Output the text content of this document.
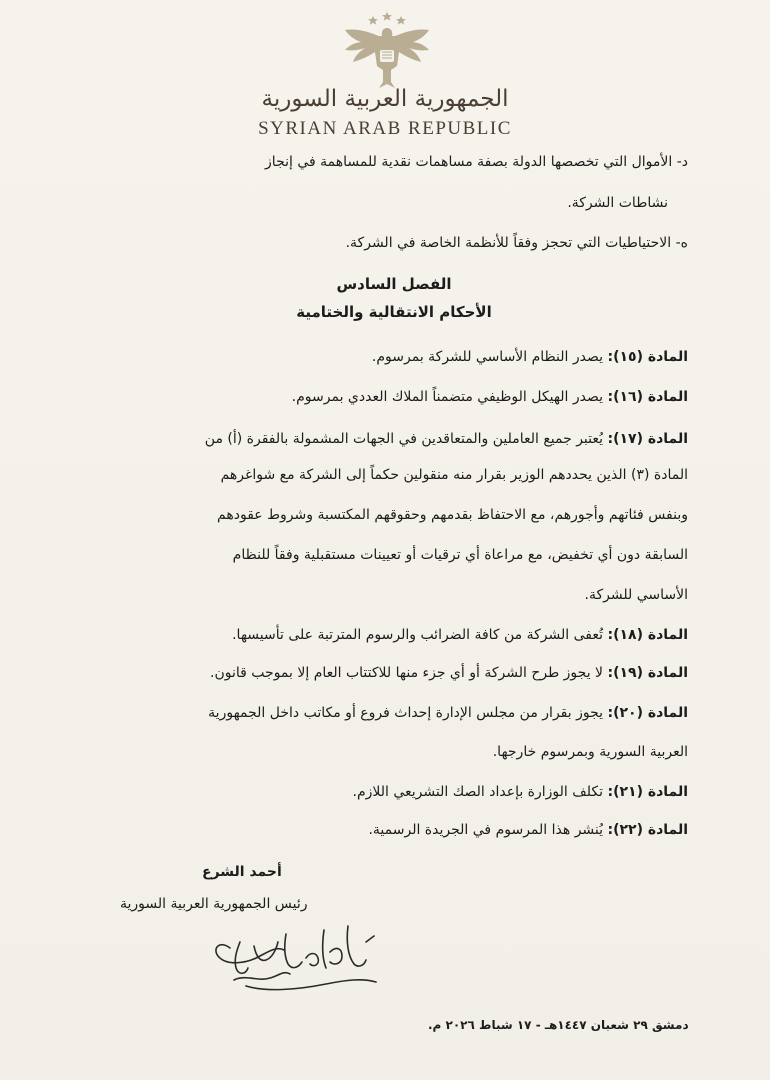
الجمهورية العربية السورية
SYRIAN ARAB REPUBLIC
د- الأموال التي تخصصها الدولة بصفة مساهمات نقدية للمساهمة في إنجاز
نشاطات الشركة.
ه- الاحتياطيات التي تحجز وفقاً للأنظمة الخاصة في الشركة.
الفصل السادس
الأحكام الانتقالية والختامية
المادة (١٥): يصدر النظام الأساسي للشركة بمرسوم.
المادة (١٦): يصدر الهيكل الوظيفي متضمناً الملاك العددي بمرسوم.
المادة (١٧): يُعتبر جميع العاملين والمتعاقدين في الجهات المشمولة بالفقرة (أ) من
المادة (٣) الذين يحددهم الوزير بقرار منه منقولين حكماً إلى الشركة مع شواغرهم
وبنفس فئاتهم وأجورهم، مع الاحتفاظ بقدمهم وحقوقهم المكتسبة وشروط عقودهم
السابقة دون أي تخفيض، مع مراعاة أي ترقيات أو تعيينات مستقبلية وفقاً للنظام
الأساسي للشركة.
المادة (١٨): تُعفى الشركة من كافة الضرائب والرسوم المترتبة على تأسيسها.
المادة (١٩): لا يجوز طرح الشركة أو أي جزء منها للاكتتاب العام إلا بموجب قانون.
المادة (٢٠): يجوز بقرار من مجلس الإدارة إحداث فروع أو مكاتب داخل الجمهورية
العربية السورية وبمرسوم خارجها.
المادة (٢١): تكلف الوزارة بإعداد الصك التشريعي اللازم.
المادة (٢٢): يُنشر هذا المرسوم في الجريدة الرسمية.
أحمد الشرع
رئيس الجمهورية العربية السورية
دمشق ٢٩ شعبان ١٤٤٧هـ - ١٧ شباط ٢٠٢٦ م.
